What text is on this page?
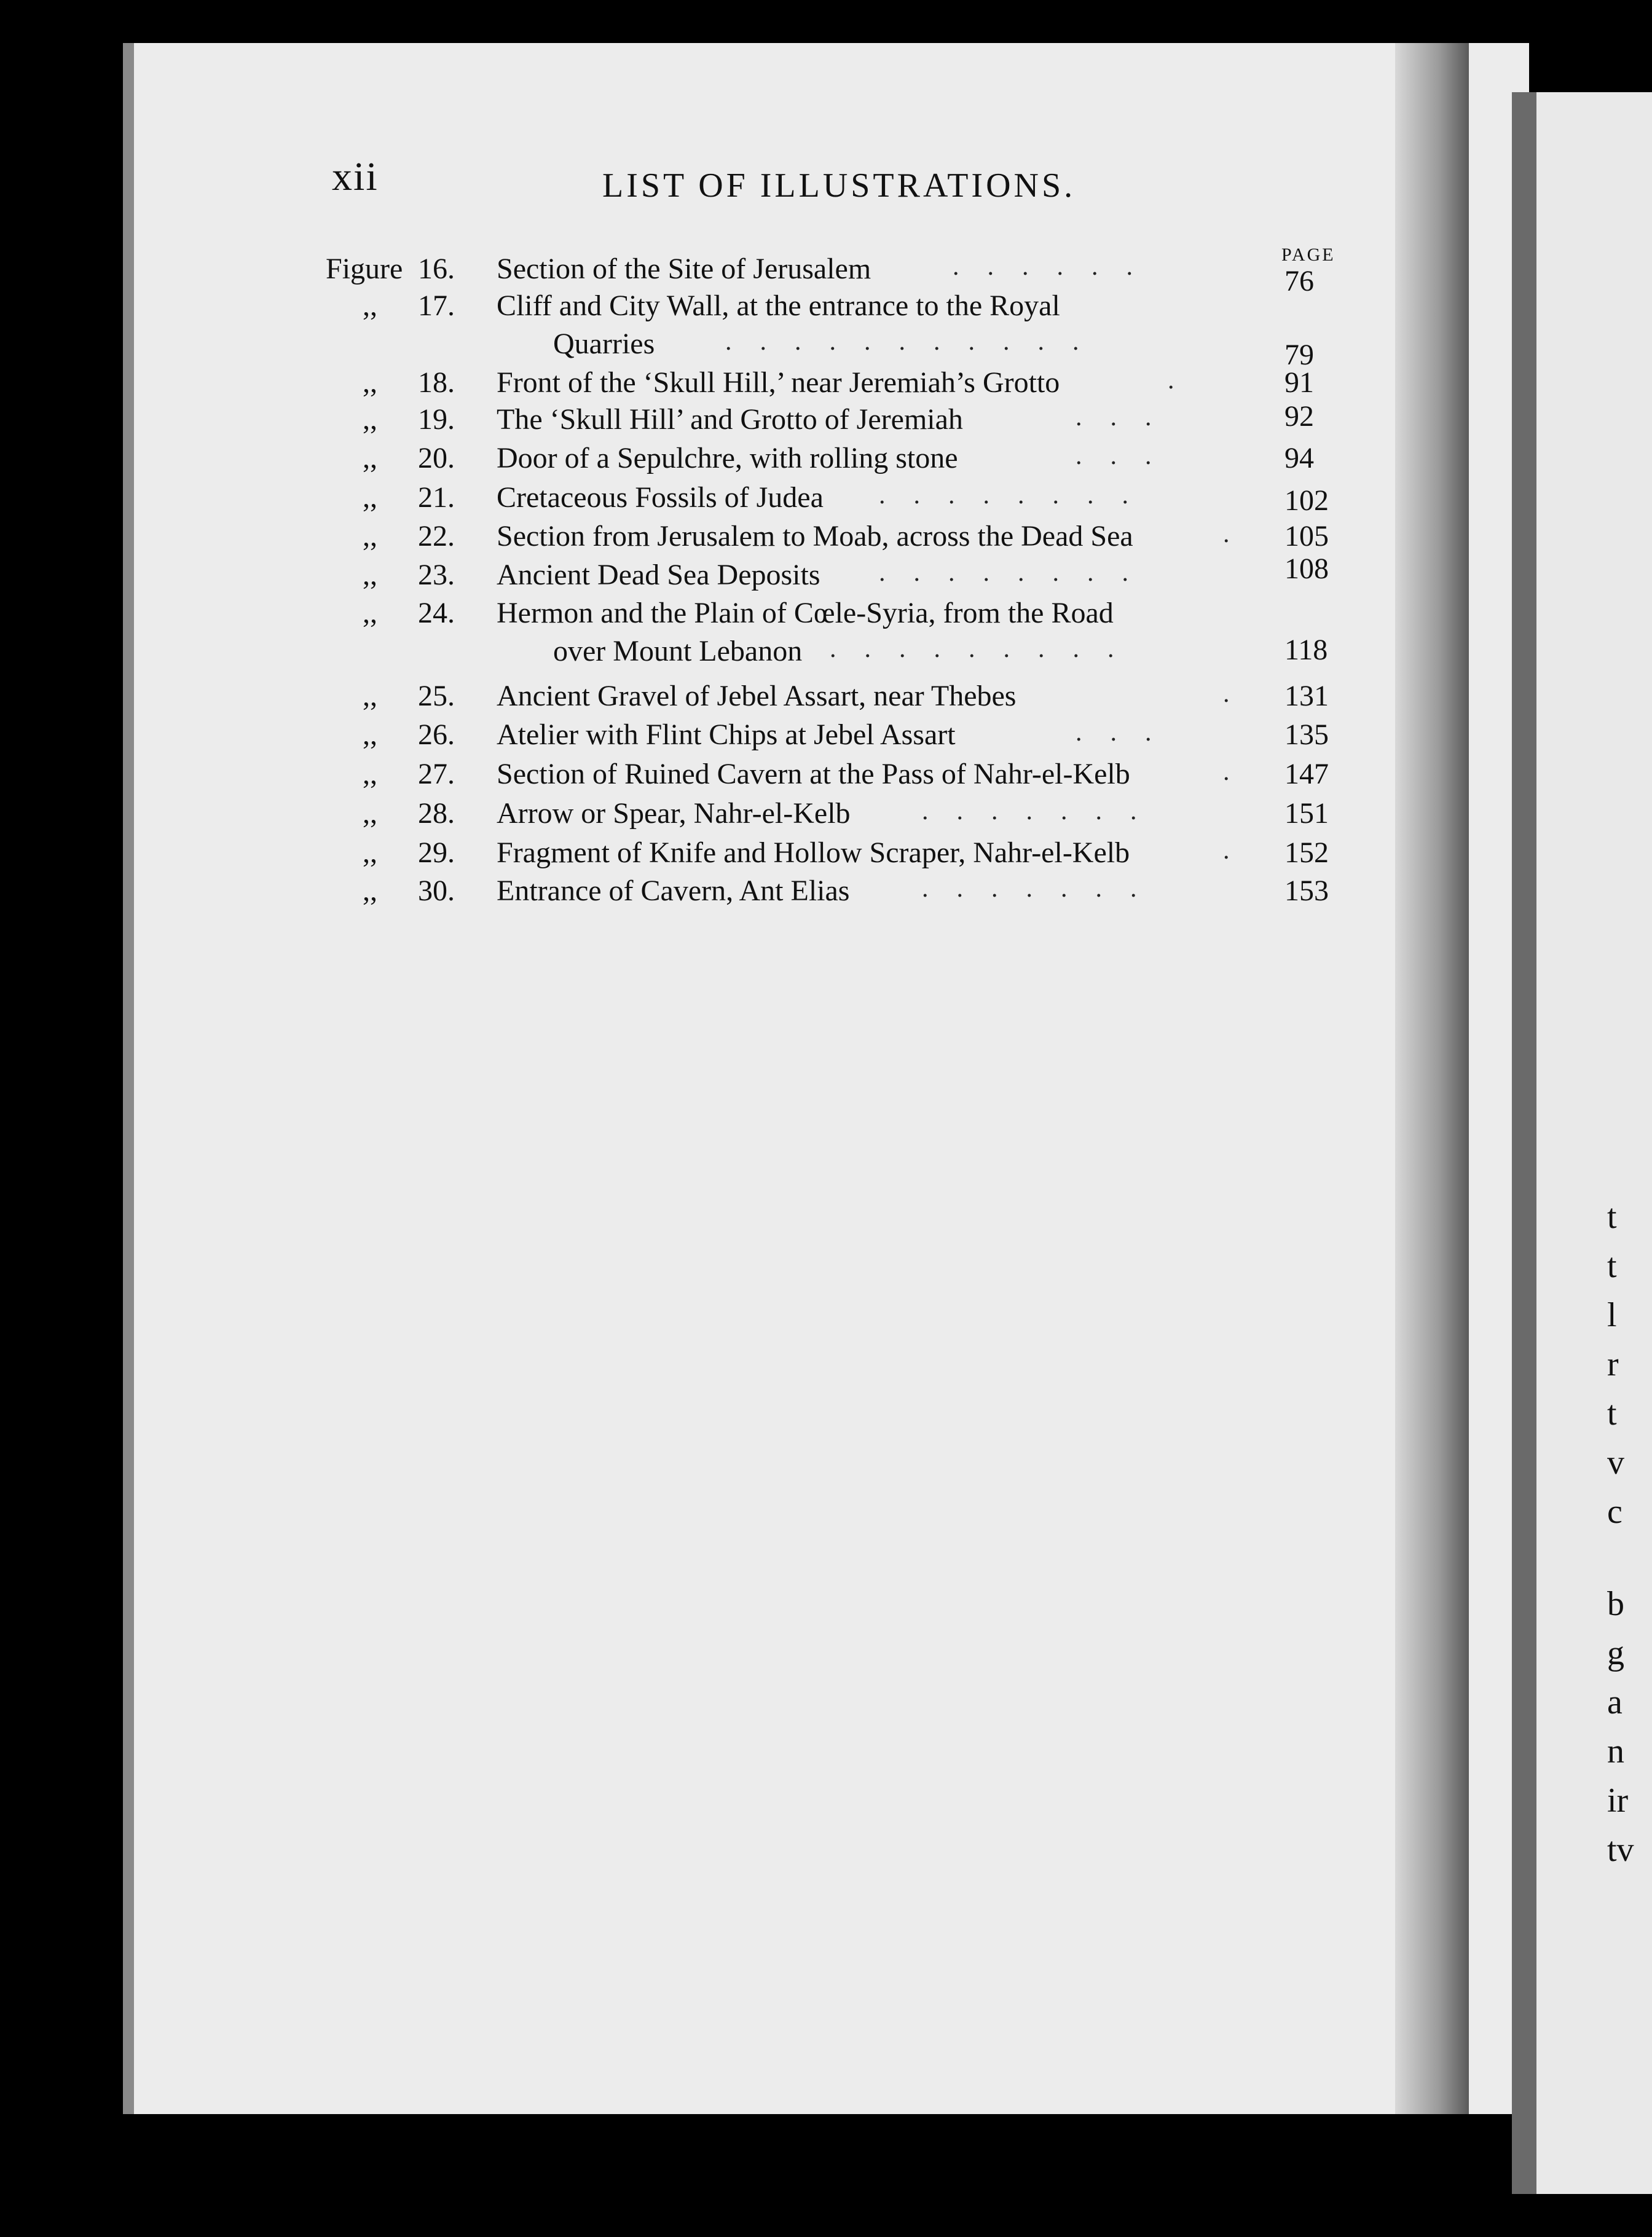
xii	LIST OF ILLUSTRATIONS.
PAGE
Figure 16. Section of the Site of Jerusalem	......	76
,, 17. Cliff and City Wall, at the entrance to the Royal
Quarries	...........	79
,, 18. Front of the ‘Skull Hill,’ near Jeremiah’s Grotto	.	91
,, 19. The ‘Skull Hill’ and Grotto of Jeremiah	...	92
,, 20. Door of a Sepulchre, with rolling stone	...	94
,, 21. Cretaceous Fossils of Judea ........	102
,, 22. Section from Jerusalem to Moab, across the Dead Sea	. 105
,, 23. Ancient Dead Sea Deposits ........	108
,, 24. Hermon and the Plain of Cœle-Syria, from the Road
over Mount Lebanon .........	118
,, 25. Ancient Gravel of Jebel Assart, near Thebes	. 131
,, 26. Atelier with Flint Chips at Jebel Assart	...	135
,, 27. Section of Ruined Cavern at the Pass of Nahr-el-Kelb	. 147
,, 28. Arrow or Spear, Nahr-el-Kelb	.......	151
,, 29. Fragment of Knife and Hollow Scraper, Nahr-el-Kelb	. 152
,, 30. Entrance of Cavern, Ant Elias	.......	153
t
t
l
r
t
v
c
b
g
a
n
ir
tv
